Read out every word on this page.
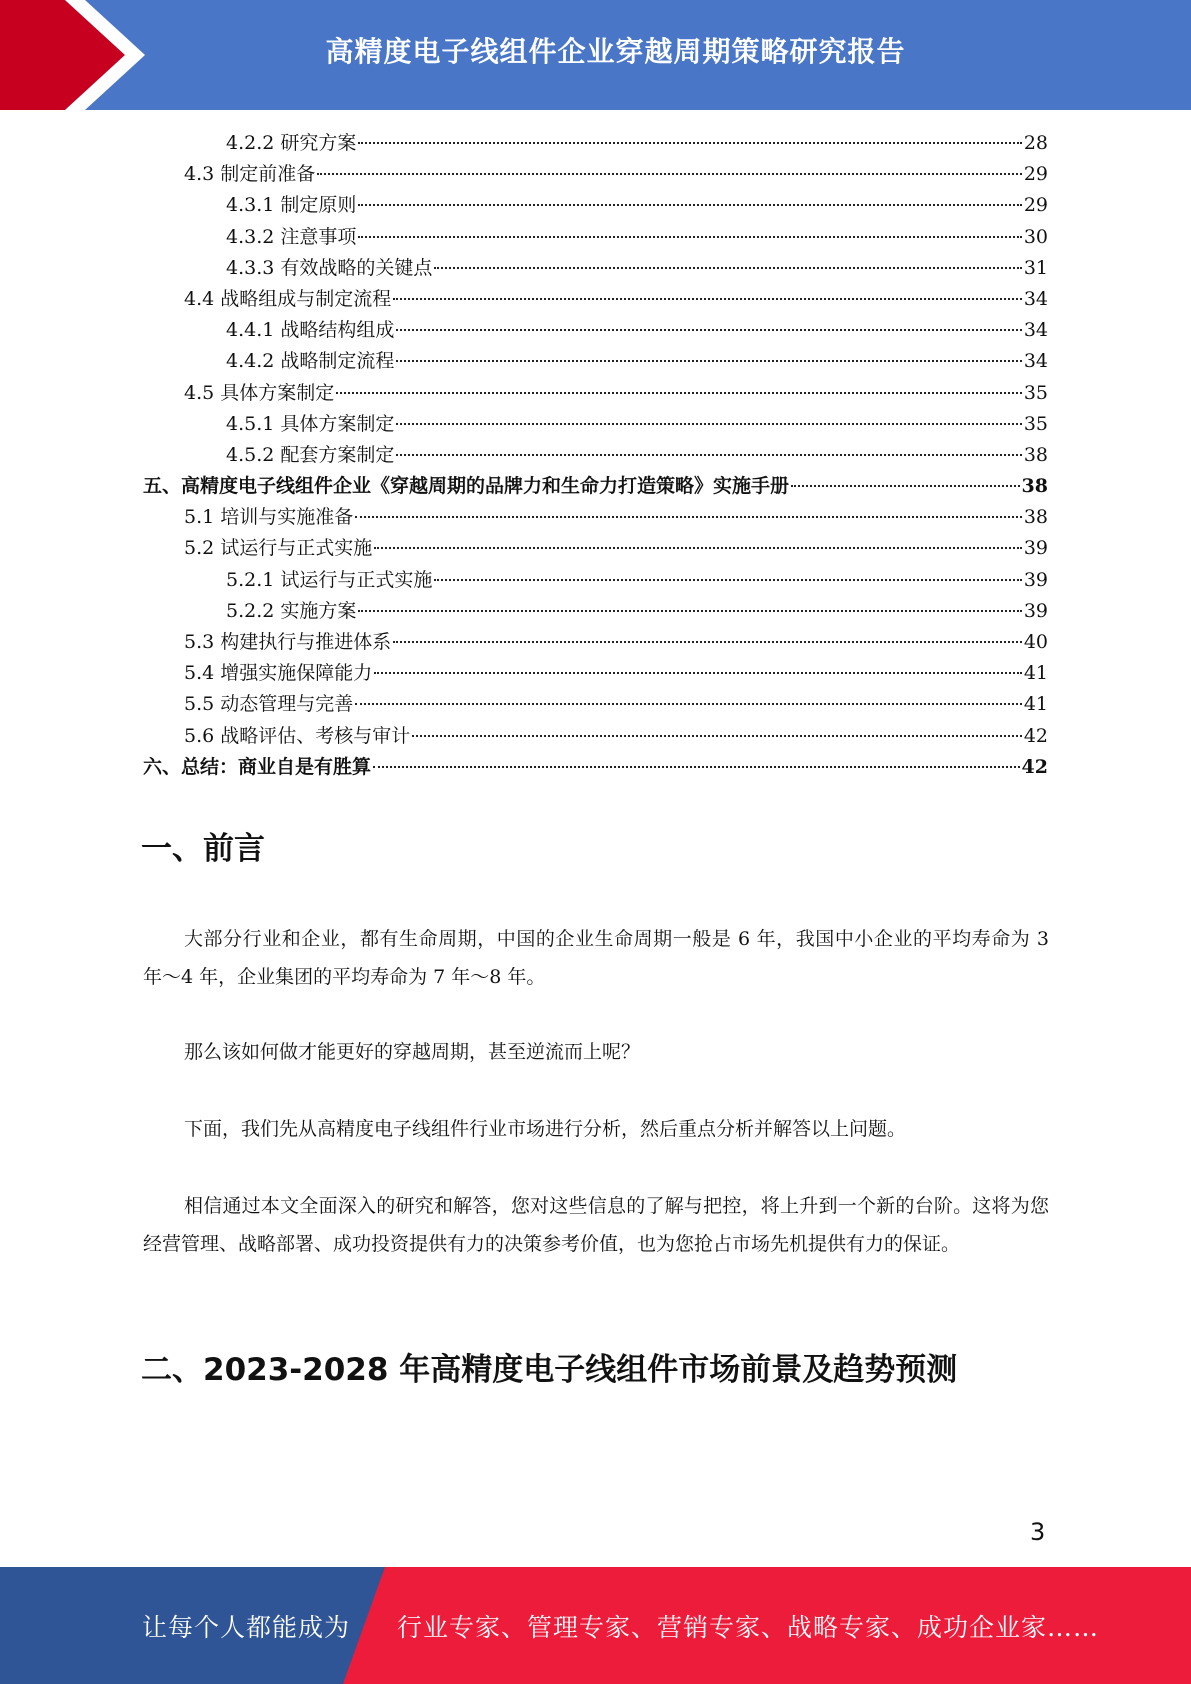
高精度电子线组件企业穿越周期策略研究报告
4.2.2 研究方案	28
4.3 制定前准备	29
4.3.1 制定原则	29
4.3.2 注意事项	30
4.3.3 有效战略的关键点	31
4.4 战略组成与制定流程	34
4.4.1 战略结构组成	34
4.4.2 战略制定流程	34
4.5 具体方案制定	35
4.5.1 具体方案制定	35
4.5.2 配套方案制定	38
五、高精度电子线组件企业《穿越周期的品牌力和生命力打造策略》实施手册	38
5.1 培训与实施准备	38
5.2 试运行与正式实施	39
5.2.1 试运行与正式实施	39
5.2.2 实施方案	39
5.3 构建执行与推进体系	40
5.4 增强实施保障能力	41
5.5 动态管理与完善	41
5.6 战略评估、考核与审计	42
六、总结：商业自是有胜算	42
一、前言
大部分行业和企业，都有生命周期，中国的企业生命周期一般是 6 年，我国中小企业的平均寿命为 3 年～4 年，企业集团的平均寿命为 7 年～8 年。
那么该如何做才能更好的穿越周期，甚至逆流而上呢？
下面，我们先从高精度电子线组件行业市场进行分析，然后重点分析并解答以上问题。
相信通过本文全面深入的研究和解答，您对这些信息的了解与把控，将上升到一个新的台阶。这将为您经营管理、战略部署、成功投资提供有力的决策参考价值，也为您抢占市场先机提供有力的保证。
二、2023-2028 年高精度电子线组件市场前景及趋势预测
3
让每个人都能成为 行业专家、管理专家、营销专家、战略专家、成功企业家……
